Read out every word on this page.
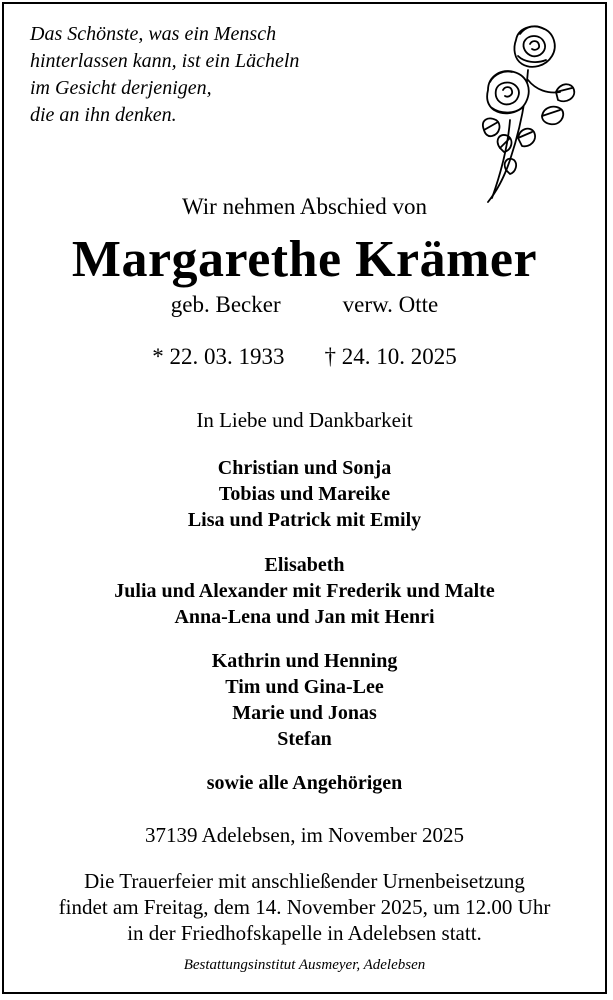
Das Schönste, was ein Mensch
hinterlassen kann, ist ein Lächeln
im Gesicht derjenigen,
die an ihn denken.
Wir nehmen Abschied von
Margarethe Krämer
geb. Becker	verw. Otte
* 22. 03. 1933 † 24. 10. 2025
In Liebe und Dankbarkeit
Christian und Sonja
Tobias und Mareike
Lisa und Patrick mit Emily
Elisabeth
Julia und Alexander mit Frederik und Malte
Anna-Lena und Jan mit Henri
Kathrin und Henning
Tim und Gina-Lee
Marie und Jonas
Stefan
sowie alle Angehörigen
37139 Adelebsen, im November 2025
Die Trauerfeier mit anschließender Urnenbeisetzung
findet am Freitag, dem 14. November 2025, um 12.00 Uhr
in der Friedhofskapelle in Adelebsen statt.
Bestattungsinstitut Ausmeyer, Adelebsen
